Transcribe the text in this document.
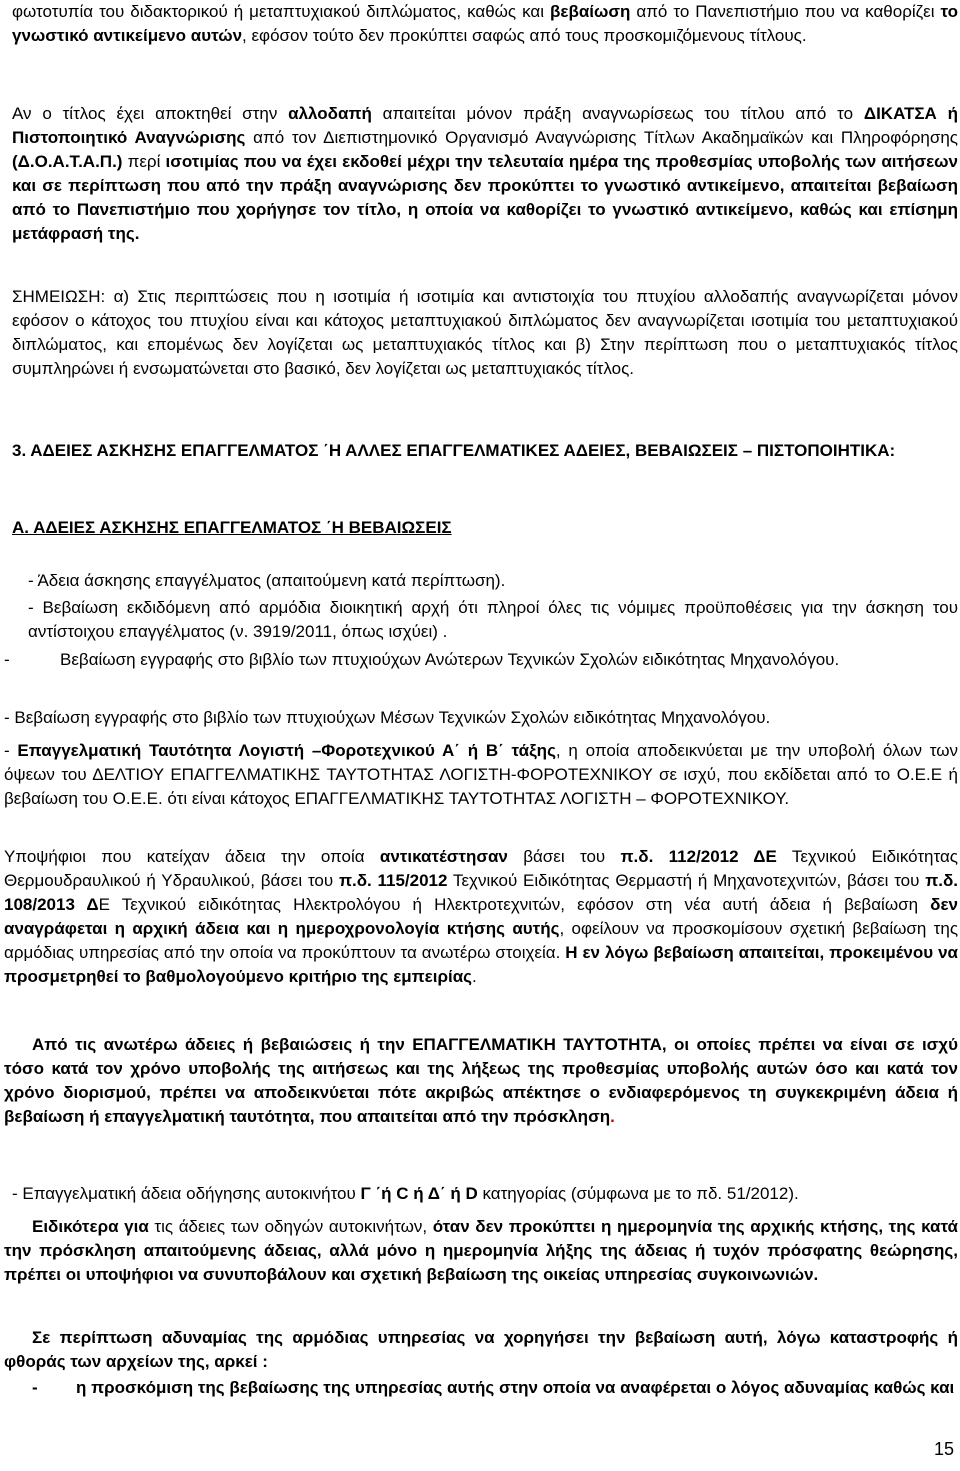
φωτοτυπία του διδακτορικού ή μεταπτυχιακού διπλώματος, καθώς και βεβαίωση από το Πανεπιστήμιο που να καθορίζει το γνωστικό αντικείμενο αυτών, εφόσον τούτο δεν προκύπτει σαφώς από τους προσκομιζόμενους τίτλους.

Αν ο τίτλος έχει αποκτηθεί στην αλλοδαπή απαιτείται μόνον πράξη αναγνωρίσεως του τίτλου από το ΔΙΚΑΤΣΑ ή Πιστοποιητικό Αναγνώρισης από τον Διεπιστημονικό Οργανισμό Αναγνώρισης Τίτλων Ακαδημαϊκών και Πληροφόρησης (Δ.Ο.Α.Τ.Α.Π.) περί ισοτιμίας που να έχει εκδοθεί μέχρι την τελευταία ημέρα της προθεσμίας υποβολής των αιτήσεων και σε περίπτωση που από την πράξη αναγνώρισης δεν προκύπτει το γνωστικό αντικείμενο, απαιτείται βεβαίωση από το Πανεπιστήμιο που χορήγησε τον τίτλο, η οποία να καθορίζει το γνωστικό αντικείμενο, καθώς και επίσημη μετάφρασή της.

ΣΗΜΕΙΩΣΗ: α) Στις περιπτώσεις που η ισοτιμία ή ισοτιμία και αντιστοιχία του πτυχίου αλλοδαπής αναγνωρίζεται μόνον εφόσον ο κάτοχος του πτυχίου είναι και κάτοχος μεταπτυχιακού διπλώματος δεν αναγνωρίζεται ισοτιμία του μεταπτυχιακού διπλώματος, και επομένως δεν λογίζεται ως μεταπτυχιακός τίτλος και β) Στην περίπτωση που ο μεταπτυχιακός τίτλος συμπληρώνει ή ενσωματώνεται στο βασικό, δεν λογίζεται ως μεταπτυχιακός τίτλος.

3. ΑΔΕΙΕΣ ΑΣΚΗΣΗΣ ΕΠΑΓΓΕΛΜΑΤΟΣ ΄Η ΑΛΛΕΣ ΕΠΑΓΓΕΛΜΑΤΙΚΕΣ ΑΔΕΙΕΣ, ΒΕΒΑΙΩΣΕΙΣ – ΠΙΣΤΟΠΟΙΗΤΙΚΑ:

Α. ΑΔΕΙΕΣ ΑΣΚΗΣΗΣ ΕΠΑΓΓΕΛΜΑΤΟΣ ΄Η ΒΕΒΑΙΩΣΕΙΣ

- Άδεια άσκησης επαγγέλματος (απαιτούμενη κατά περίπτωση).

- Βεβαίωση εκδιδόμενη από αρμόδια διοικητική αρχή ότι πληροί όλες τις νόμιμες προϋποθέσεις για την άσκηση του αντίστοιχου επαγγέλματος (ν. 3919/2011, όπως ισχύει) .

-	Βεβαίωση εγγραφής στο βιβλίο των πτυχιούχων Ανώτερων Τεχνικών Σχολών ειδικότητας Μηχανολόγου.

- Βεβαίωση εγγραφής στο βιβλίο των πτυχιούχων Μέσων Τεχνικών Σχολών ειδικότητας Μηχανολόγου.

- Επαγγελματική Ταυτότητα Λογιστή –Φοροτεχνικού Α΄ ή Β΄ τάξης, η οποία αποδεικνύεται με την υποβολή όλων των όψεων του ΔΕΛΤΙΟΥ ΕΠΑΓΓΕΛΜΑΤΙΚΗΣ ΤΑΥΤΟΤΗΤΑΣ ΛΟΓΙΣΤΗ-ΦΟΡΟΤΕΧΝΙΚΟΥ σε ισχύ, που εκδίδεται από το Ο.Ε.Ε ή βεβαίωση του Ο.Ε.Ε. ότι είναι κάτοχος ΕΠΑΓΓΕΛΜΑΤΙΚΗΣ ΤΑΥΤΟΤΗΤΑΣ ΛΟΓΙΣΤΗ – ΦΟΡΟΤΕΧΝΙΚΟΥ.

Υποψήφιοι που κατείχαν άδεια την οποία αντικατέστησαν βάσει του π.δ. 112/2012 ΔΕ Τεχνικού Ειδικότητας Θερμουδραυλικού ή Υδραυλικού, βάσει του π.δ. 115/2012 Τεχνικού Ειδικότητας Θερμαστή ή Μηχανοτεχνιτών, βάσει του π.δ. 108/2013 ΔΕ Τεχνικού ειδικότητας Ηλεκτρολόγου ή Ηλεκτροτεχνιτών, εφόσον στη νέα αυτή άδεια ή βεβαίωση δεν αναγράφεται η αρχική άδεια και η ημεροχρονολογία κτήσης αυτής, οφείλουν να προσκομίσουν σχετική βεβαίωση της αρμόδιας υπηρεσίας από την οποία να προκύπτουν τα ανωτέρω στοιχεία. Η εν λόγω βεβαίωση απαιτείται, προκειμένου να προσμετρηθεί το βαθμολογούμενο κριτήριο της εμπειρίας.

Από τις ανωτέρω άδειες ή βεβαιώσεις ή την ΕΠΑΓΓΕΛΜΑΤΙΚΗ ΤΑΥΤΟΤΗΤΑ, οι οποίες πρέπει να είναι σε ισχύ τόσο κατά τον χρόνο υποβολής της αιτήσεως και της λήξεως της προθεσμίας υποβολής αυτών όσο και κατά τον χρόνο διορισμού, πρέπει να αποδεικνύεται πότε ακριβώς απέκτησε ο ενδιαφερόμενος τη συγκεκριμένη άδεια ή βεβαίωση ή επαγγελματική ταυτότητα, που απαιτείται από την πρόσκληση.

- Επαγγελματική άδεια οδήγησης αυτοκινήτου Γ ΄ή C ή Δ΄ ή D κατηγορίας (σύμφωνα με το πδ. 51/2012).

Ειδικότερα για τις άδειες των οδηγών αυτοκινήτων, όταν δεν προκύπτει η ημερομηνία της αρχικής κτήσης, της κατά την πρόσκληση απαιτούμενης άδειας, αλλά μόνο η ημερομηνία λήξης της άδειας ή τυχόν πρόσφατης θεώρησης, πρέπει οι υποψήφιοι να συνυποβάλουν και σχετική βεβαίωση της οικείας υπηρεσίας συγκοινωνιών.

Σε περίπτωση αδυναμίας της αρμόδιας υπηρεσίας να χορηγήσει την βεβαίωση αυτή, λόγω καταστροφής ή φθοράς των αρχείων της, αρκεί :

-	η προσκόμιση της βεβαίωσης της υπηρεσίας αυτής στην οποία να αναφέρεται ο λόγος αδυναμίας καθώς και
15
